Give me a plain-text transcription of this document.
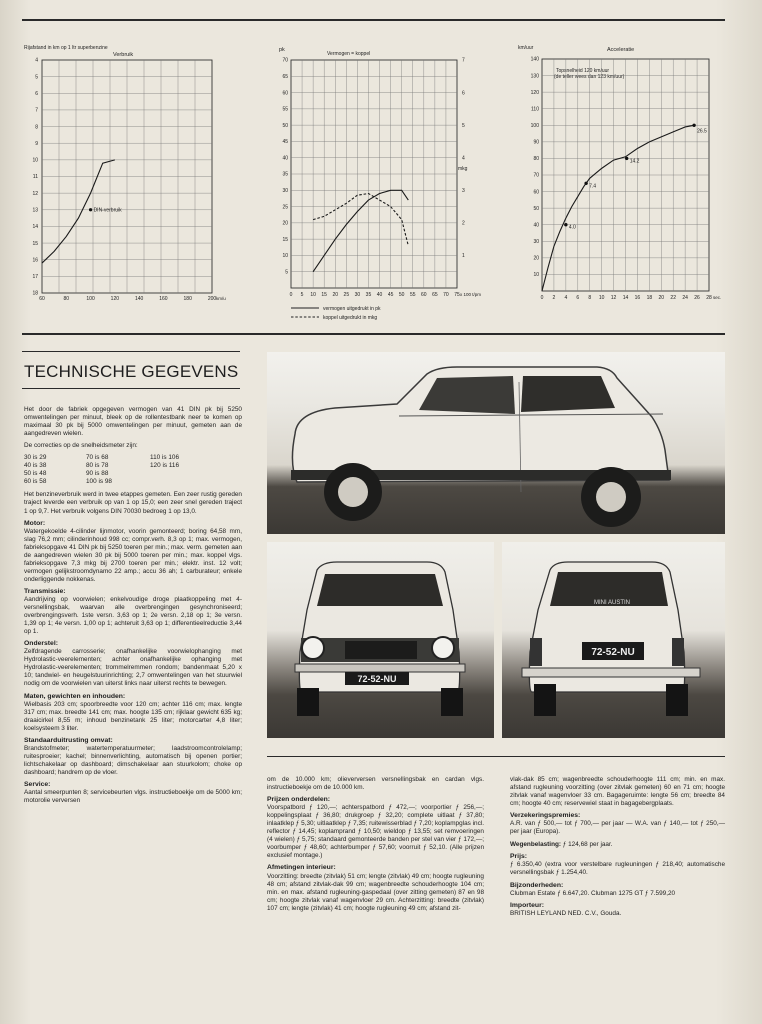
Rijafstand in km op 1 ltr superbenzine
Verbruik
4
5
6
7
8
9
10
11
12
13
14
15
16
17
18
60	80	100	120	140	160	180	200 km/u
DIN-verbruik
pk
Vermogen = koppel
mkg
5
10
15
20
25
30
35
40
45
50
55
60
65
70
1
2
3
4
5
6
7
10 15 20 25 30 35 40 45 50 55 60 65 70 75
0 5	x 100 t/pm
vermogen uitgedrukt in pk
koppel uitgedrukt in mkg
km/uur	Acceleratie
Topsnelheid 120 km/uur (de teller wees dan 123 km/uur)
10
20
30
40
50
60
70
80
90
100
110
120
130
140
0 2 4 6 8 10 12 14 16 18 20 22 24 26 28 sec.
4.0
7.4
14.2
26.5
TECHNISCHE GEGEVENS

Het door de fabriek opgegeven vermogen van 41 DIN pk bij 5250 omwentelingen per minuut, bleek op de rollentestbank neer te komen op maximaal 30 pk bij 5000 omwentelingen per minuut, gemeten aan de aangedreven wielen.

De correcties op de snelheidsmeter zijn:

30 is 29	70 is 68	110 is 106
40 is 38	80 is 78	120 is 116
50 is 48	90 is 88
60 is 58	100 is 98

Het benzineverbruik werd in twee etappes gemeten. Een zeer rustig gereden traject leverde een verbruik op van 1 op 15,0; een zeer snel gereden traject 1 op 9,7. Het verbruik volgens DIN 70030 bedroeg 1 op 13,0.

Motor:

Watergekoelde 4-cilinder lijnmotor, voorin gemonteerd; boring 64,58 mm, slag 76,2 mm; cilinderinhoud 998 cc; compr.verh. 8,3 op 1; max. vermogen, fabrieksopgave 41 DIN pk bij 5250 toeren per min.; max. verm. gemeten aan de aangedreven wielen 30 pk bij 5000 toeren per min.; max. koppel vlgs. fabrieksopgave 7,3 mkg bij 2700 toeren per min.; elektr. inst. 12 volt; vermogen gelijkstroomdynamo 22 amp.; accu 36 ah; 1 carburateur; enkele onderliggende nokkenas.

Transmissie:

Aandrijving op voorwielen; enkelvoudige droge plaatkoppeling met 4-versnellingsbak, waarvan alle overbrengingen gesynchroniseerd; overbrengingsverh. 1ste versn. 3,63 op 1; 2e versn. 2,18 op 1; 3e versn. 1,39 op 1; 4e versn. 1,00 op 1; achteruit 3,63 op 1; differentieelreductie 3,44 op 1.

Onderstel:

Zelfdragende carrosserie; onafhankelijke voorwielophanging met Hydrolastic-veerelementen; achter onafhankelijke ophanging met Hydrolastic-veerelementen; trommelremmen rondom; bandenmaat 5,20 x 10; tandwiel- en heugelstuurinrichting; 2,7 omwentelingen van het stuurwiel nodig om de voorwielen van uiterst links naar uiterst rechts te bewegen.

Maten, gewichten en inhouden:

Wielbasis 203 cm; spoorbreedte voor 120 cm; achter 116 cm; max. lengte 317 cm; max. breedte 141 cm; max. hoogte 135 cm; rijklaar gewicht 635 kg; draaicirkel 8,55 m; inhoud benzinetank 25 liter; motorcarter 4,8 liter; koelsysteem 3 liter.

Standaarduitrusting omvat:

Brandstofmeter; watertemperatuurmeter; laadstroomcontrolelamp; ruitesproeier; kachel; binnenverlichting, automatisch bij openen portier; lichtschakelaar op dashboard; dimschakelaar aan stuurkolom; choke op dashboard; handrem op de vloer.

Service:

Aantal smeerpunten 8; servicebeurten vlgs. instructieboekje om de 5000 km; motorolie verversen

72-52-NU
MINI AUSTIN
72-52-NU

om de 10.000 km; olieverversen versnellingsbak en cardan vlgs. instructieboekje om de 10.000 km.

Prijzen onderdelen:

Voorspatbord ƒ 120,—; achterspatbord ƒ 472,—; voorportier ƒ 256,—; koppelingsplaat ƒ 36,80; drukgroep ƒ 32,20; complete uitlaat ƒ 37,80; inlaatklep ƒ 5,30; uitlaatklep ƒ 7,35; ruitewisserblad ƒ 7,20; koplampglas incl. reflector ƒ 14,45; koplamprand ƒ 10,50; wieldop ƒ 13,55; set remvoeringen (4 wielen) ƒ 5,75; standaard gemonteerde banden per stel van vier ƒ 172,—; voorbumper ƒ 48,60; achterbumper ƒ 57,60; voorruit ƒ 52,10. (Alle prijzen exclusief montage.)

Afmetingen interieur:

Voorzitting: breedte (zitvlak) 51 cm; lengte (zitvlak) 49 cm; hoogte rugleuning 48 cm; afstand zitvlak-dak 99 cm; wagenbreedte schouderhoogte 104 cm; min. en max. afstand rugleuning-gaspedaal (over zitting gemeten) 87 en 98 cm; hoogte zitvlak vanaf wagenvloer 29 cm. Achterzitting: breedte (zitvlak) 107 cm; lengte (zitvlak) 41 cm; hoogte rugleuning 49 cm; afstand zit-

vlak-dak 85 cm; wagenbreedte schouderhoogte 111 cm; min. en max. afstand rugleuning voorzitting (over zitvlak gemeten) 60 en 71 cm; hoogte zitvlak vanaf wagenvloer 33 cm. Bagageruimte: lengte 56 cm; breedte 84 cm; hoogte 40 cm; reservewiel staat in bagagebergplaats.

Verzekeringspremies:

A.R. van ƒ 500,— tot ƒ 700,— per jaar — W.A. van ƒ 140,— tot ƒ 250,— per jaar (Europa).

Wegenbelasting: ƒ 124,68 per jaar.

Prijs:

ƒ 6.350,40 (extra voor verstelbare rugleuningen ƒ 218,40; automatische versnellingsbak ƒ 1.254,40.

Bijzonderheden:

Clubman Estate ƒ 6.647,20. Clubman 1275 GT ƒ 7.599,20

Importeur:

BRITISH LEYLAND NED. C.V., Gouda.
